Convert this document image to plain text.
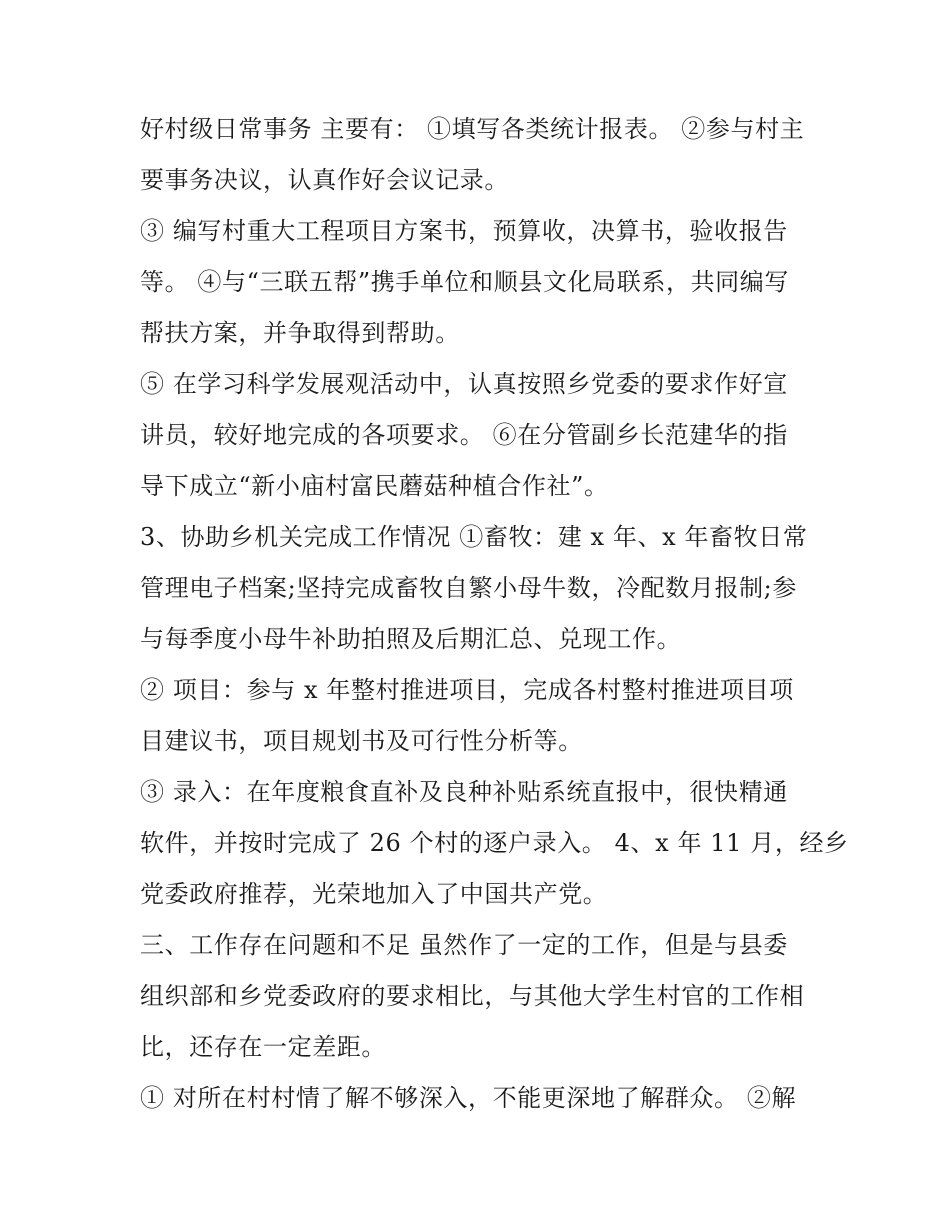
好村级日常事务 主要有： ①填写各类统计报表。 ②参与村主
要事务决议，认真作好会议记录。
③ 编写村重大工程项目方案书，预算收，决算书，验收报告
等。 ④与“三联五帮”携手单位和顺县文化局联系，共同编写
帮扶方案，并争取得到帮助。
⑤ 在学习科学发展观活动中，认真按照乡党委的要求作好宣
讲员，较好地完成的各项要求。 ⑥在分管副乡长范建华的指
导下成立“新小庙村富民蘑菇种植合作社”。
3、协助乡机关完成工作情况 ①畜牧：建 x 年、x 年畜牧日常
管理电子档案;坚持完成畜牧自繁小母牛数，冷配数月报制;参
与每季度小母牛补助拍照及后期汇总、兑现工作。
② 项目：参与 x 年整村推进项目，完成各村整村推进项目项
目建议书，项目规划书及可行性分析等。
③ 录入：在年度粮食直补及良种补贴系统直报中，很快精通
软件，并按时完成了 26 个村的逐户录入。 4、x 年 11 月，经乡
党委政府推荐，光荣地加入了中国共产党。
三、工作存在问题和不足 虽然作了一定的工作，但是与县委
组织部和乡党委政府的要求相比，与其他大学生村官的工作相
比，还存在一定差距。
① 对所在村村情了解不够深入，不能更深地了解群众。 ②解
